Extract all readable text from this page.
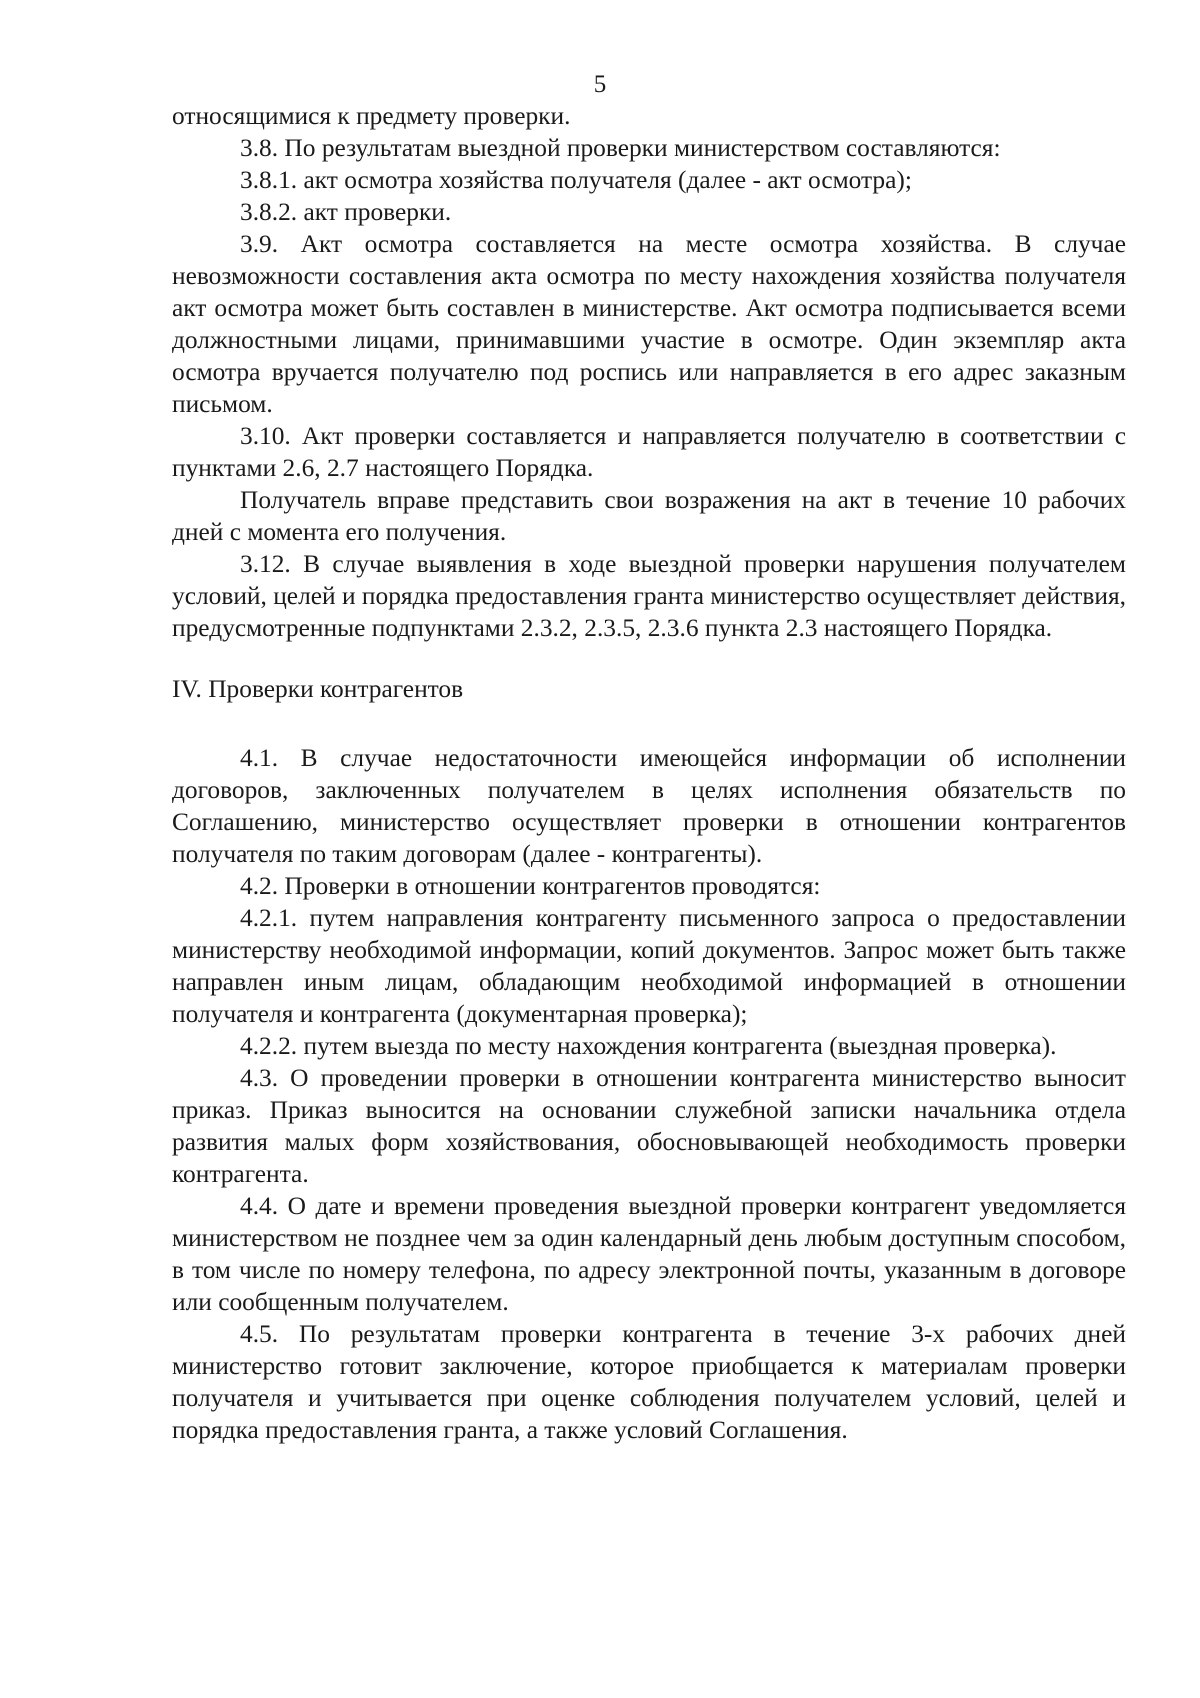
5

относящимися к предмету проверки.

3.8. По результатам выездной проверки министерством составляются:

3.8.1. акт осмотра хозяйства получателя (далее - акт осмотра);

3.8.2. акт проверки.

3.9. Акт осмотра составляется на месте осмотра хозяйства. В случае невозможности составления акта осмотра по месту нахождения хозяйства получателя акт осмотра может быть составлен в министерстве. Акт осмотра подписывается всеми должностными лицами, принимавшими участие в осмотре. Один экземпляр акта осмотра вручается получателю под роспись или направляется в его адрес заказным письмом.

3.10. Акт проверки составляется и направляется получателю в соответствии с пунктами 2.6, 2.7 настоящего Порядка.

Получатель вправе представить свои возражения на акт в течение 10 рабочих дней с момента его получения.

3.12. В случае выявления в ходе выездной проверки нарушения получателем условий, целей и порядка предоставления гранта министерство осуществляет действия, предусмотренные подпунктами 2.3.2, 2.3.5, 2.3.6 пункта 2.3 настоящего Порядка.

IV. Проверки контрагентов

4.1. В случае недостаточности имеющейся информации об исполнении договоров, заключенных получателем в целях исполнения обязательств по Соглашению, министерство осуществляет проверки в отношении контрагентов получателя по таким договорам (далее - контрагенты).

4.2. Проверки в отношении контрагентов проводятся:

4.2.1. путем направления контрагенту письменного запроса о предоставлении министерству необходимой информации, копий документов. Запрос может быть также направлен иным лицам, обладающим необходимой информацией в отношении получателя и контрагента (документарная проверка);

4.2.2. путем выезда по месту нахождения контрагента (выездная проверка).

4.3. О проведении проверки в отношении контрагента министерство выносит приказ. Приказ выносится на основании служебной записки начальника отдела развития малых форм хозяйствования, обосновывающей необходимость проверки контрагента.

4.4. О дате и времени проведения выездной проверки контрагент уведомляется министерством не позднее чем за один календарный день любым доступным способом, в том числе по номеру телефона, по адресу электронной почты, указанным в договоре или сообщенным получателем.

4.5. По результатам проверки контрагента в течение 3-х рабочих дней министерство готовит заключение, которое приобщается к материалам проверки получателя и учитывается при оценке соблюдения получателем условий, целей и порядка предоставления гранта, а также условий Соглашения.
